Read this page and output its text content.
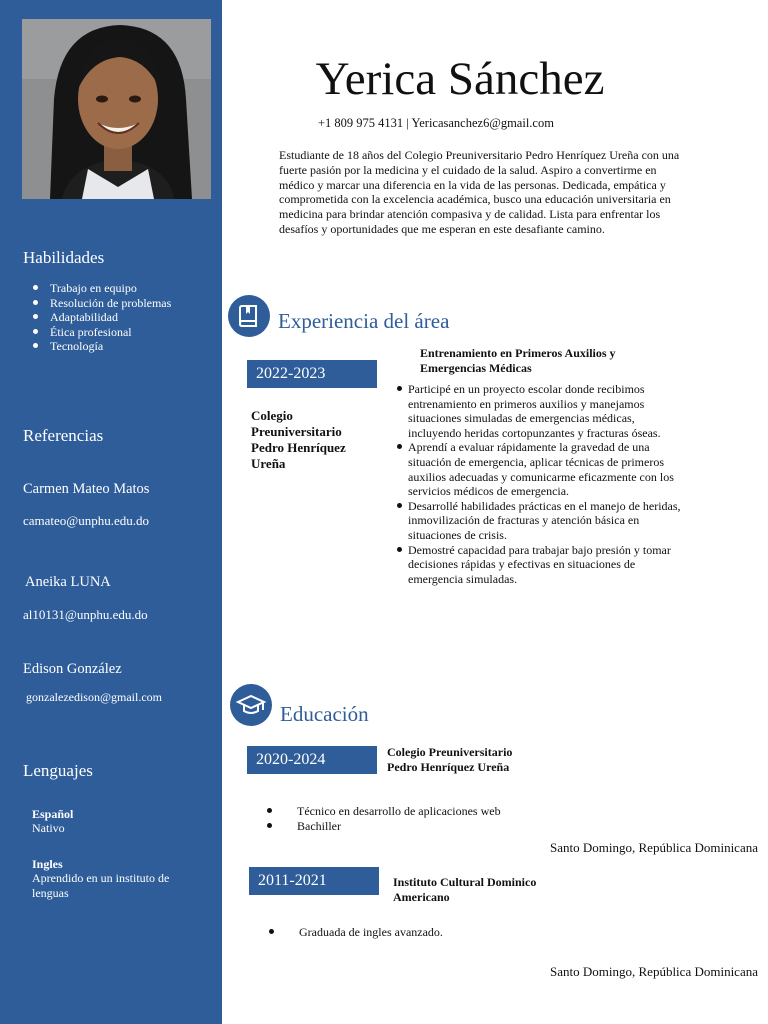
Habilidades
Trabajo en equipo
Resolución de problemas
Adaptabilidad
Ética profesional
Tecnología
Referencias
Carmen Mateo Matos
camateo@unphu.edu.do
Aneika LUNA
al10131@unphu.edu.do
Edison González
gonzalezedison@gmail.com
Lenguajes
Español
Nativo
Ingles
Aprendido en un instituto de lenguas
Yerica Sánchez
+1 809 975 4131 | Yericasanchez6@gmail.com
Estudiante de 18 años del Colegio Preuniversitario Pedro Henríquez Ureña con una fuerte pasión por la medicina y el cuidado de la salud. Aspiro a convertirme en médico y marcar una diferencia en la vida de las personas. Dedicada, empática y comprometida con la excelencia académica, busco una educación universitaria en medicina para brindar atención compasiva y de calidad. Lista para enfrentar los desafíos y oportunidades que me esperan en este desafiante camino.
Experiencia del área
2022-2023
Colegio Preuniversitario Pedro Henríquez Ureña
Entrenamiento en Primeros Auxilios y Emergencias Médicas
Participé en un proyecto escolar donde recibimos entrenamiento en primeros auxilios y manejamos situaciones simuladas de emergencias médicas, incluyendo heridas cortopunzantes y fracturas óseas.
Aprendí a evaluar rápidamente la gravedad de una situación de emergencia, aplicar técnicas de primeros auxilios adecuadas y comunicarme eficazmente con los servicios médicos de emergencia.
Desarrollé habilidades prácticas en el manejo de heridas, inmovilización de fracturas y atención básica en situaciones de crisis.
Demostré capacidad para trabajar bajo presión y tomar decisiones rápidas y efectivas en situaciones de emergencia simuladas.
Educación
2020-2024	Colegio Preuniversitario Pedro Henríquez Ureña
Técnico en desarrollo de aplicaciones web
Bachiller
Santo Domingo, República Dominicana
2011-2021	Instituto Cultural Dominico Americano
Graduada de ingles avanzado.
Santo Domingo, República Dominicana
